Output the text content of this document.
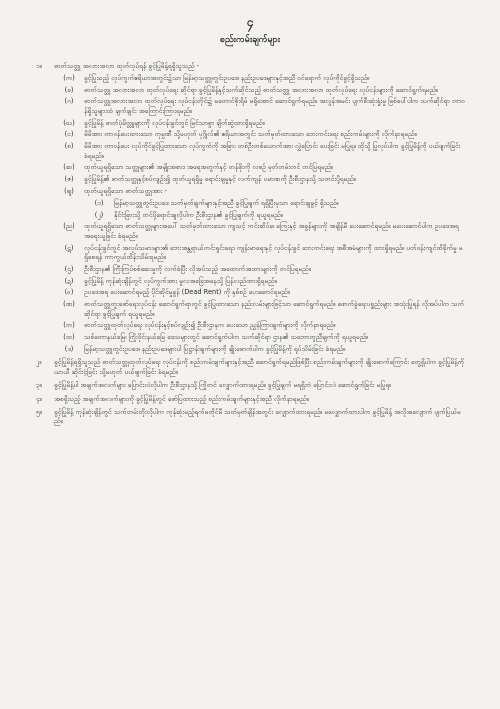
၄
စည်းကမ်းချက်များ
၁။	ဓာတ်သတ္တု အလားအလာ ထုတ်လုပ်ရန် ခွင့်ပြုမိန့်ရရှိသူသည် -
(က)	ခွင့်ပြုသည့် လုပ်ကွက်ဧရိယာအတွင်း၌သာ မြန်မာ့သတ္တုတွင်းဥပဒေ၊ နည်းဥပဒေများနှင့်အညီ ဝင်ရောက် လုပ်ကိုင်ခွင့်ရှိသည်။
(ခ)	ဓာတ်သတ္တု အလားအလာ ထုတ်လုပ်ရေး ဆိုင်ရာ ခွင့်ပြုမိန့်နှင့်သက်ဆိုင်သည့် ဓာတ်သတ္တု အလားအလာ ထုတ်လုပ်ရေး လုပ်ငန်းများကို ဆောင်ရွက်ရမည်။
(ဂ)	ဓာတ်သတ္တုအလားအလာ ထုတ်လုပ်ရေး လုပ်ငန်းတိုင်း၌ မတောင်စိုးရိမ် မရှိအောင် ဆောင်ရွက်ရမည်။ အလွန်အမင်း ပျက်စီးဆုံးရှုံးမှု ဖြစ်ပေါ်ပါက သက်ဆိုင်ရာ တာဝန်ရှိသူများထံ ချက်ချင်း အကြောင်းကြားရမည်။
(ဃ)	ခွင့်ပြုမိန့် ဓာတ်ပုံမိတ္တူများကို လုပ်ငန်းခွင်တွင် မြင်သာစွာ ချိတ်ဆွဲထားရှိရမည်။
(င)	မိမိအား တာဝန်ပေးထားသော ကုမ္ပဏီ သို့မဟုတ် ပုဂ္ဂိုလ်၏ ဧရိယာအတွင်း သတ်မှတ်ထားသော ဘေးကင်းရေး စည်းကမ်းများကို လိုက်နာရမည်။
(စ)	မိမိအား တာဝန်ပေး လုပ်ကိုင်ခွင့်ပြုထားသော လုပ်ကွက်ကို အခြား တစ်ဦးတစ်ယောက်အား လွှဲပြောင်း ပေးခြင်း မပြုရ။ ထိုသို့ ပြုလုပ်ပါက ခွင့်ပြုမိန့်ကို ပယ်ဖျက်ခြင်း ခံရမည်။
(ဆ)	ထုတ်ယူရရှိသော သတ္တုများ၏ အမျိုးအစား၊ အရေအတွက်နှင့် တန်ဖိုးကို လစဉ် မှတ်တမ်းတင် တင်ပြရမည်။
(ဇ)	ခွင့်ပြုမိန့်၏ ဓာတ်သတ္တုနှင့်စပ်လျဉ်း၍ ထုတ်ယူရရှိမှု ရောင်းချမှုနှင့် လက်ကျန် ပမာဏကို ဦးစီးဌာနသို့ သတင်းပို့ရမည်။
(ဈ)	ထုတ်ယူရရှိသော ဓာတ်သတ္တုအား -
(၁)	မြန်မာ့သတ္တုတွင်းဥပဒေ သတ်မှတ်ချက်များနှင့်အညီ ခွင့်ပြုချက် ရရှိပြီးမှသာ ရောင်းချခွင့် ရှိသည်။
(၂)	နိုင်ငံခြားသို့ တင်ပို့ရောင်းချလိုပါက ဦးစီးဌာန၏ ခွင့်ပြုချက်ကို ရယူရမည်။
(ည)	ထုတ်ယူရရှိသော ဓာတ်သတ္တုများအပေါ် သတ်မှတ်ထားသော ကျသင့် ကင်းဆိပ်ခ၊ ကြေးနှင့် အခွန်များကို အချိန်မီ ပေးဆောင်ရမည်။ မပေးဆောင်ပါက ဥပဒေအရ အရေးယူခြင်း ခံရမည်။
(ဋ)	လုပ်ငန်းခွင်တွင် အလုပ်သမားများ၏ ဘေးအန္တရာယ်ကင်းရှင်းရေး၊ ကျန်းမာရေးနှင့် လုပ်ငန်းခွင် ဘေးကင်းရေး အစီအမံများကို ထားရှိရမည်။ ပတ်ဝန်းကျင်ထိခိုက်မှု မရှိစေရန် ကာကွယ်ထိန်းသိမ်းရမည်။
(ဌ)	ဦးစီးဌာန၏ ကြီးကြပ်စစ်ဆေးမှုကို လက်ခံပြီး လိုအပ်သည့် အထောက်အထားများကို တင်ပြရမည်။
(ဍ)	ခွင့်ပြုမိန့် ကုန်ဆုံးချိန်တွင် လုပ်ကွက်အား မူလအခြေအနေသို့ ပြန်လည်ထားရှိရမည်။
(ဎ)	ဥပဒေအရ ပေးဆောင်ရမည့် ပိုင်ဆိုင်မှုခွန် (Dead Rent) ကို နှစ်စဉ် ပေးဆောင်ရမည်။
(ဏ)	ဓာတ်သတ္တုတူးဖော်ရေးလုပ်ငန်း ဆောင်ရွက်ရာတွင် ခွင့်ပြုထားသော နည်းလမ်းများဖြင့်သာ ဆောင်ရွက်ရမည်။ ဖောက်ခွဲရေးပစ္စည်းများ အသုံးပြုရန် လိုအပ်ပါက သက်ဆိုင်ရာ ခွင့်ပြုချက် ရယူရမည်။
(တ)	ဓာတ်သတ္တုထုတ်လုပ်ရေး လုပ်ငန်းနှင့်စပ်လျဉ်း၍ ဦးစီးဌာနက ပေးသော ညွှန်ကြားချက်များကို လိုက်နာရမည်။
(ထ)	သစ်တောနယ်မြေ၊ ကြိုးဝိုင်းနယ်မြေ ဒေသများတွင် ဆောင်ရွက်ပါက သက်ဆိုင်ရာ ဌာန၏ သဘောတူညီချက်ကို ရယူရမည်။
(ဒ)	မြန်မာ့သတ္တုတွင်းဥပဒေ၊ နည်းဥပဒေများပါ ပြဋ္ဌာန်းချက်များကို ချိုးဖောက်ပါက ခွင့်ပြုမိန့်ကို ရုပ်သိမ်းခြင်း ခံရမည်။
၂။	ခွင့်ပြုမိန့်ရရှိသူသည် ဓာတ်သတ္တုထုတ်လုပ်ရေး လုပ်ငန်းကို စည်းကမ်းချက်များနှင့်အညီ ဆောင်ရွက်ရမည်ဖြစ်ပြီး စည်းကမ်းချက်များကို ချိုးဖောက်ကြောင်း တွေ့ရှိပါက ခွင့်ပြုမိန့်ကို ယာယီ ဆိုင်းငံ့ခြင်း သို့မဟုတ် ပယ်ဖျက်ခြင်း ခံရမည်။
၃။	ခွင့်ပြုမိန့်ပါ အချက်အလက်များ ပြောင်းလဲလိုပါက ဦးစီးဌာနသို့ ကြိုတင် လျှောက်ထားရမည်။ ခွင့်ပြုချက် မရရှိဘဲ ပြောင်းလဲ ဆောင်ရွက်ခြင်း မပြုရ။
၄။	အစရှိသည့် အချက်အလက်များကို ခွင့်ပြုမိန့်တွင် ဖော်ပြထားသည့် စည်းကမ်းချက်များနှင့်အညီ လိုက်နာရမည်။
၅။	ခွင့်ပြုမိန့် ကုန်ဆုံးချိန်တွင် သက်တမ်းတိုးလိုပါက ကုန်ဆုံးမည့်ရက်မတိုင်မီ သတ်မှတ်ချိန်အတွင်း လျှောက်ထားရမည်။ မလျှောက်ထားပါက ခွင့်ပြုမိန့် အလိုအလျောက် ပျက်ပြယ်မည်။
